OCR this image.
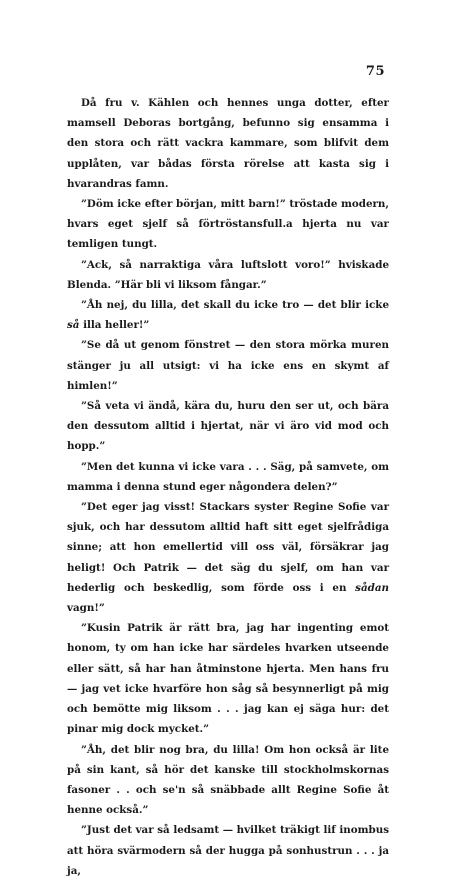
75

Då fru v. Kählen och hennes unga dotter, efter mamsell Deboras bortgång, befunno sig ensamma i den stora och rätt vackra kammare, som blifvit dem upplåten, var bådas första rörelse att kasta sig i hvarandras famn.

”Döm icke efter början, mitt barn!” tröstade modern, hvars eget sjelf så förtröstansfull.a hjerta nu var temligen tungt.

”Ack, så narraktiga våra luftslott voro!” hviskade Blenda. ”Här bli vi liksom fångar.”

”Åh nej, du lilla, det skall du icke tro — det blir icke så illa heller!”

”Se då ut genom fönstret — den stora mörka muren stänger ju all utsigt: vi ha icke ens en skymt af himlen!”

”Så veta vi ändå, kära du, huru den ser ut, och bära den dessutom alltid i hjertat, när vi äro vid mod och hopp.”

”Men det kunna vi icke vara . . . Säg, på samvete, om mamma i denna stund eger någondera delen?”

”Det eger jag visst! Stackars syster Regine Sofie var sjuk, och har dessutom alltid haft sitt eget sjelfrådiga sinne; att hon emellertid vill oss väl, försäkrar jag heligt! Och Patrik — det säg du sjelf, om han var hederlig och beskedlig, som förde oss i en sådan vagn!”

”Kusin Patrik är rätt bra, jag har ingenting emot honom, ty om han icke har särdeles hvarken utseende eller sätt, så har han åtminstone hjerta. Men hans fru — jag vet icke hvarföre hon såg så besynnerligt på mig och bemötte mig liksom . . . jag kan ej säga hur: det pinar mig dock mycket.”

”Åh, det blir nog bra, du lilla! Om hon också är lite på sin kant, så hör det kanske till stockholmskornas fasoner . . och se'n så snäbbade allt Regine Sofie åt henne också.”

”Just det var så ledsamt — hvilket träkigt lif inombus att höra svärmodern så der hugga på sonhustrun . . . ja ja,
